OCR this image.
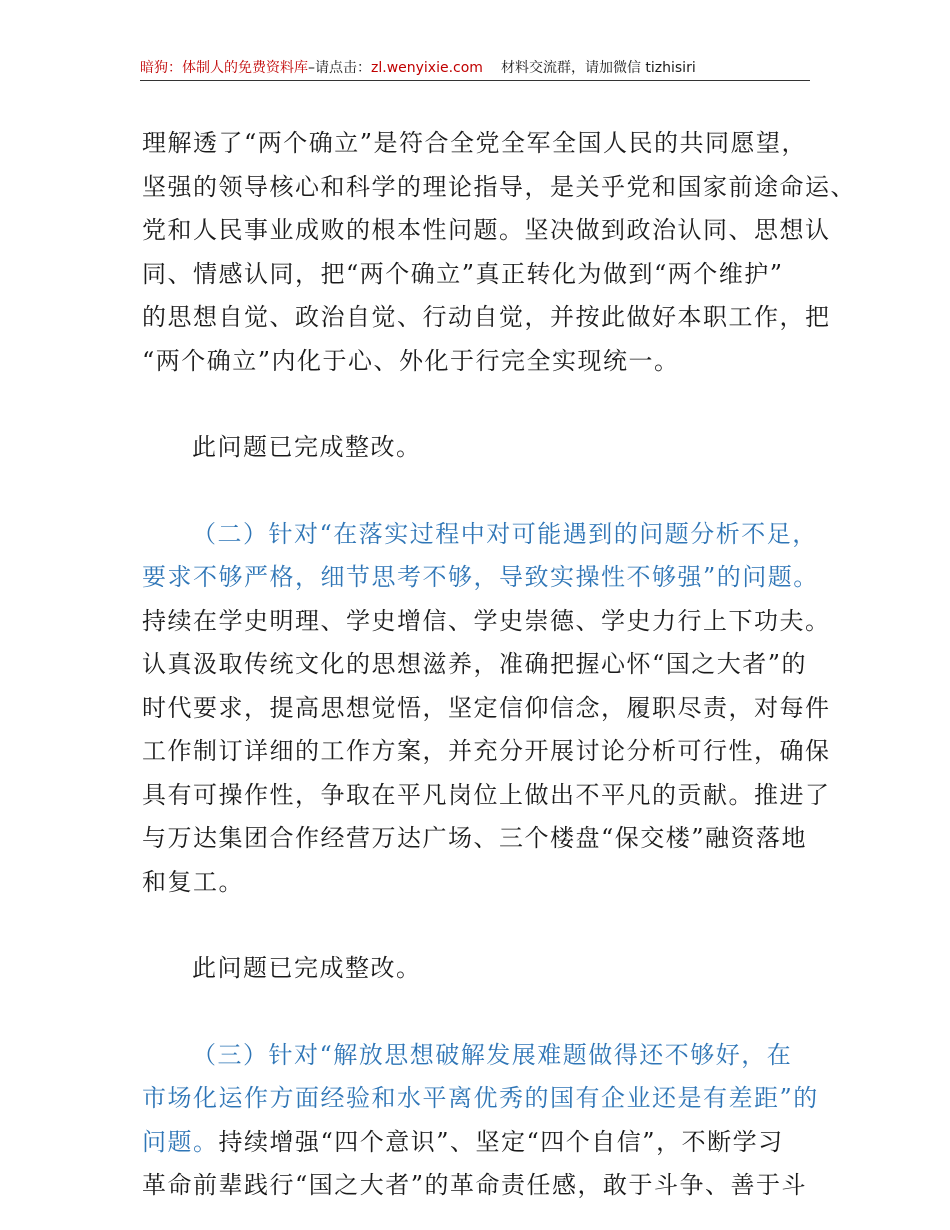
暗狗：体制人的免费资料库–请点击：zl.wenyixie.com 材料交流群，请加微信 tizhisiri

理解透了“两个确立”是符合全党全军全国人民的共同愿望，
坚强的领导核心和科学的理论指导，是关乎党和国家前途命运、
党和人民事业成败的根本性问题。坚决做到政治认同、思想认
同、情感认同，把“两个确立”真正转化为做到“两个维护”
的思想自觉、政治自觉、行动自觉，并按此做好本职工作，把
“两个确立”内化于心、外化于行完全实现统一。

此问题已完成整改。

（二）针对“在落实过程中对可能遇到的问题分析不足，
要求不够严格，细节思考不够，导致实操性不够强”的问题。
持续在学史明理、学史增信、学史崇德、学史力行上下功夫。
认真汲取传统文化的思想滋养，准确把握心怀“国之大者”的
时代要求，提高思想觉悟，坚定信仰信念，履职尽责，对每件
工作制订详细的工作方案，并充分开展讨论分析可行性，确保
具有可操作性，争取在平凡岗位上做出不平凡的贡献。推进了
与万达集团合作经营万达广场、三个楼盘“保交楼”融资落地
和复工。

此问题已完成整改。

（三）针对“解放思想破解发展难题做得还不够好，在
市场化运作方面经验和水平离优秀的国有企业还是有差距”的
问题。持续增强“四个意识”、坚定“四个自信”，不断学习
革命前辈践行“国之大者”的革命责任感，敢于斗争、善于斗
